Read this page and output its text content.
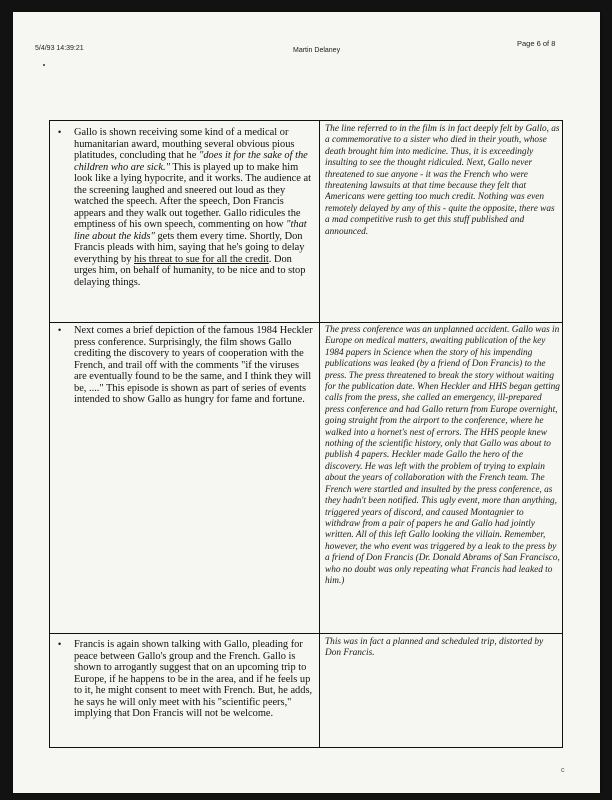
5/4/93 14:39:21	Martin Delaney
Page 6 of 8
• Gallo is shown receiving some kind of a medical or humanitarian award, mouthing several obvious pious platitudes, concluding that he "does it for the sake of the children who are sick." This is played up to make him look like a lying hypocrite, and it works. The audience at the screening laughed and sneered out loud as they watched the speech. After the speech, Don Francis appears and they walk out together. Gallo ridicules the emptiness of his own speech, commenting on how "that line about the kids" gets them every time. Shortly, Don Francis pleads with him, saying that he's going to delay everything by his threat to sue for all the credit. Don urges him, on behalf of humanity, to be nice and to stop delaying things.
The line referred to in the film is in fact deeply felt by Gallo, as a commemorative to a sister who died in their youth, whose death brought him into medicine. Thus, it is exceedingly insulting to see the thought ridiculed. Next, Gallo never threatened to sue anyone - it was the French who were threatening lawsuits at that time because they felt that Americans were getting too much credit. Nothing was even remotely delayed by any of this - quite the opposite, there was a mad competitive rush to get this stuff published and announced.
• Next comes a brief depiction of the famous 1984 Heckler press conference. Surprisingly, the film shows Gallo crediting the discovery to years of cooperation with the French, and trail off with the comments "if the viruses are eventually found to be the same, and I think they will be, ...." This episode is shown as part of series of events intended to show Gallo as hungry for fame and fortune.
The press conference was an unplanned accident. Gallo was in Europe on medical matters, awaiting publication of the key 1984 papers in Science when the story of his impending publications was leaked (by a friend of Don Francis) to the press. The press threatened to break the story without waiting for the publication date. When Heckler and HHS began getting calls from the press, she called an emergency, ill-prepared press conference and had Gallo return from Europe overnight, going straight from the airport to the conference, where he walked into a hornet's nest of errors. The HHS people knew nothing of the scientific history, only that Gallo was about to publish 4 papers. Heckler made Gallo the hero of the discovery. He was left with the problem of trying to explain about the years of collaboration with the French team. The French were startled and insulted by the press conference, as they hadn't been notified. This ugly event, more than anything, triggered years of discord, and caused Montagnier to withdraw from a pair of papers he and Gallo had jointly written. All of this left Gallo looking the villain. Remember, however, the who event was triggered by a leak to the press by a friend of Don Francis (Dr. Donald Abrams of San Francisco, who no doubt was only repeating what Francis had leaked to him.)
• Francis is again shown talking with Gallo, pleading for peace between Gallo's group and the French. Gallo is shown to arrogantly suggest that on an upcoming trip to Europe, if he happens to be in the area, and if he feels up to it, he might consent to meet with French. But, he adds, he says he will only meet with his "scientific peers," implying that Don Francis will not be welcome.
This was in fact a planned and scheduled trip, distorted by Don Francis.
c
